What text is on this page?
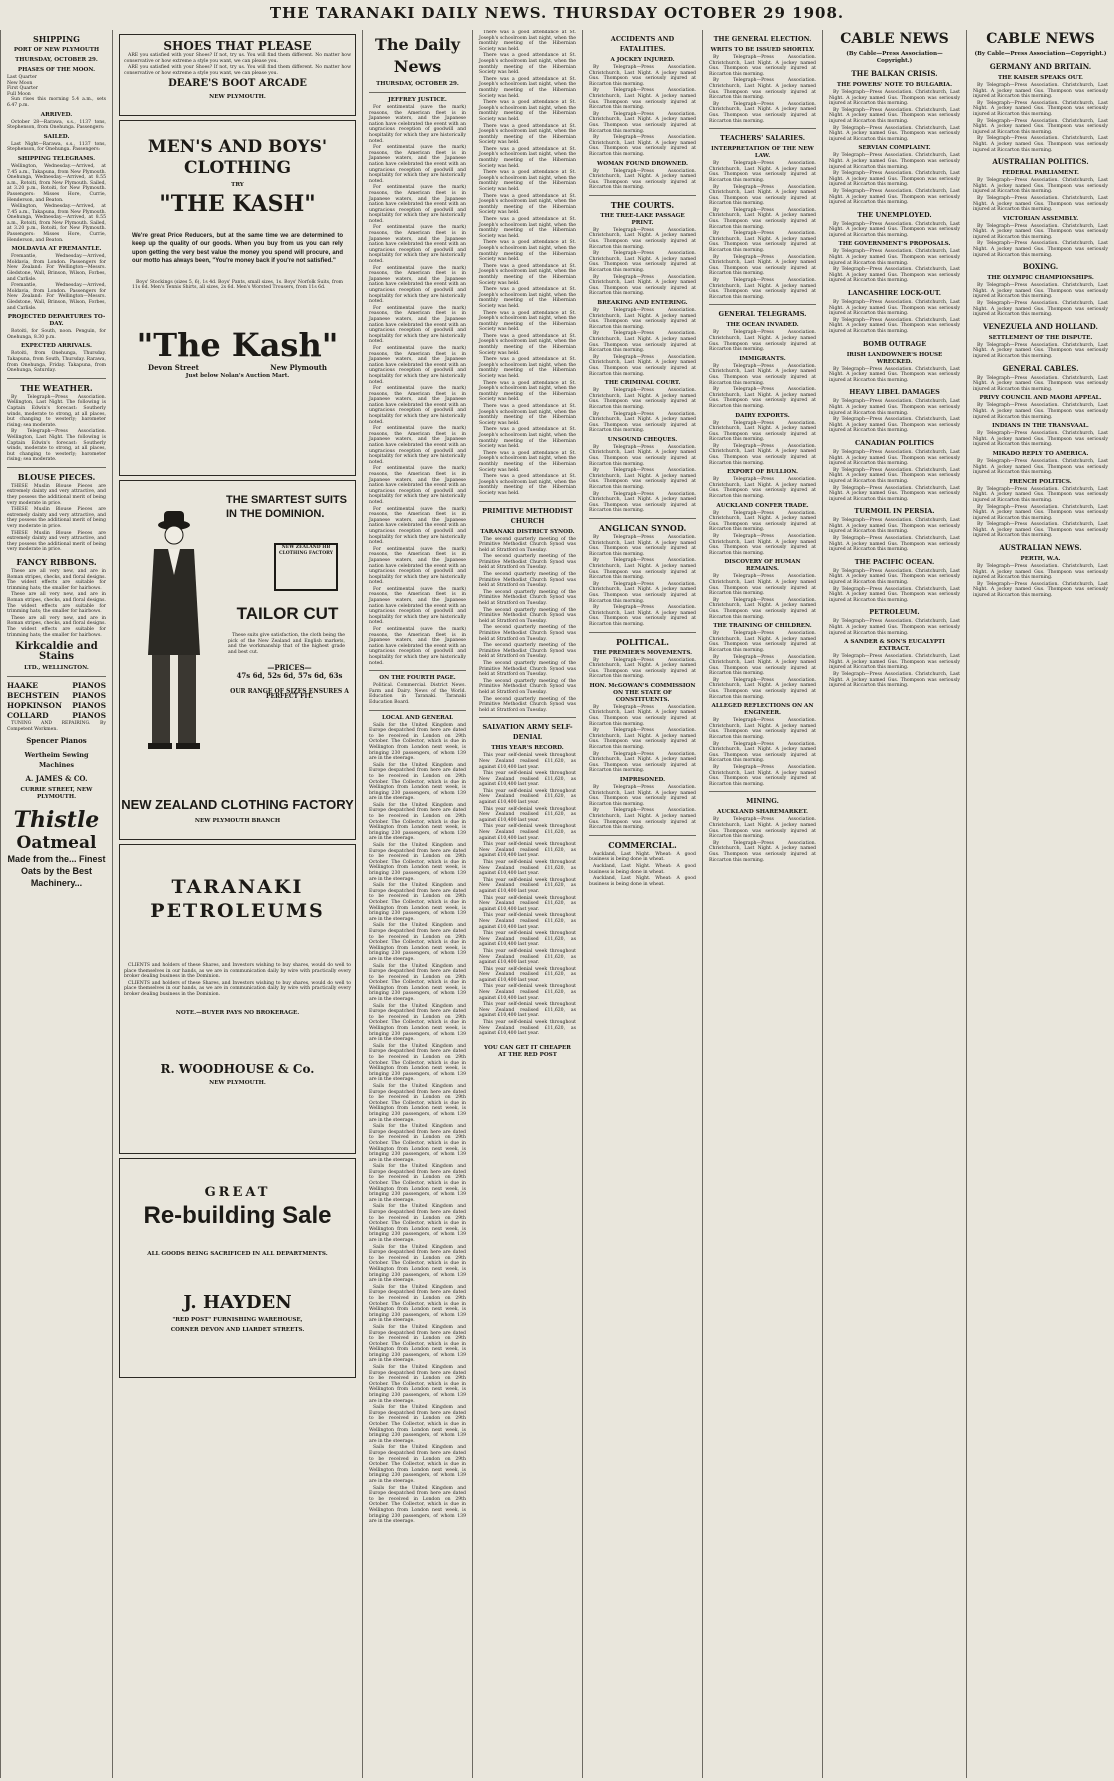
THE TARANAKI DAILY NEWS. THURSDAY OCTOBER 29 1908.
SHIPPING
PORT OF NEW PLYMOUTH
THURSDAY, OCTOBER 29.
PHASES OF THE MOON.
Last Quarter
New Moon
First Quarter
Full Moon
Sun rises this morning 5.4 a.m., sets 6.47 p.m.
ARRIVED.
October 28—Rarawa, s.s., 1137 tons, Stephenson, from Onehunga. Passengers:
SAILED.
Last Night—Rarawa, s.s., 1137 tons, Stephenson, for Onehunga. Passengers:
SHIPPING TELEGRAMS.
Wellington, Wednesday.—Arrived, at 7.45 a.m., Takapuna, from New Plymouth. Onehunga, Wednesday.—Arrived, at 8.55 a.m., Rotoiti, from New Plymouth. Sailed, at 3.20 p.m., Rotoiti, for New Plymouth. Passengers: Misses Hore, Currie, Henderson, and Beaton.
Wellington, Wednesday.—Arrived, at 7.45 a.m., Takapuna, from New Plymouth. Onehunga, Wednesday.—Arrived, at 8.55 a.m., Rotoiti, from New Plymouth. Sailed, at 3.20 p.m., Rotoiti, for New Plymouth. Passengers: Misses Hore, Currie, Henderson, and Beaton.
MOLDAVIA AT FREMANTLE.
Fremantle, Wednesday.—Arrived, Moldavia, from London. Passengers for New Zealand: For Wellington—Messrs. Gledstone, Wall, Brinson, Wilson, Forbes, and Carlisle.
Fremantle, Wednesday.—Arrived, Moldavia, from London. Passengers for New Zealand: For Wellington—Messrs. Gledstone, Wall, Brinson, Wilson, Forbes, and Carlisle.
PROJECTED DEPARTURES TO-DAY.
Rotoiti, for South, noon. Penguin, for Onehunga, 8.30 p.m.
EXPECTED ARRIVALS.
Rotoiti, from Onehunga, Thursday. Takapuna, from South, Thursday. Rarawa, from Onehunga, Friday. Takapuna, from Onehunga, Saturday.
THE WEATHER.
By Telegraph—Press Association. Wellington, Last Night. The following is Captain Edwin's forecast: Southerly winds, moderate to strong, at all places, but changing to westerly; barometer rising; sea moderate.
By Telegraph—Press Association. Wellington, Last Night. The following is Captain Edwin's forecast: Southerly winds, moderate to strong, at all places, but changing to westerly; barometer rising; sea moderate.
BLOUSE PIECES.
THESE Muslin Blouse Pieces are extremely dainty and very attractive, and they possess the additional merit of being very moderate in price.
THESE Muslin Blouse Pieces are extremely dainty and very attractive, and they possess the additional merit of being very moderate in price.
THESE Muslin Blouse Pieces are extremely dainty and very attractive, and they possess the additional merit of being very moderate in price.
FANCY RIBBONS.
These are all very new, and are in Roman stripes, checks, and floral designs. The widest effects are suitable for trimming hats; the smaller for hairbows.
These are all very new, and are in Roman stripes, checks, and floral designs. The widest effects are suitable for trimming hats; the smaller for hairbows.
These are all very new, and are in Roman stripes, checks, and floral designs. The widest effects are suitable for trimming hats; the smaller for hairbows.
Kirkcaldie and Stains
LTD., WELLINGTON.
HAAKE	PIANOS
BECHSTEIN PIANOS
HOPKINSON PIANOS
COLLARD	PIANOS
TUNING AND REPAIRING. By Competent Workmen.
Spencer Pianos
Wertheim Sewing Machines
A. JAMES & CO.
CURRIE STREET, NEW PLYMOUTH.
Thistle
Oatmeal
Made from the... Finest Oats by the Best Machinery...
SHOES THAT PLEASE
ARE you satisfied with your Shoes? If not, try us. You will find them different. No matter how conservative or how extreme a style you want, we can please you.
ARE you satisfied with your Shoes? If not, try us. You will find them different. No matter how conservative or how extreme a style you want, we can please you.
DEARE'S BOOT ARCADE
NEW PLYMOUTH.
MEN'S AND BOYS' CLOTHING
TRY
"THE KASH"
We're great Price Reducers, but at the same time we are determined to keep up the quality of our goods. When you buy from us you can rely upon getting the very best value the money you spend will procure, and our motto has always been, "You're money back if you're not satisfied."
Boys' Stockings (sizes 5, 6), 1s 4d. Boys' Pants, small sizes, 1s. Boys' Norfolk Suits, from 11s 6d. Men's Tennis Shirts, all sizes, 2s 6d. Men's Worsted Trousers, from 11s 6d.
"The Kash"
Devon Street	New Plymouth
Just below Nolan's Auction Mart.
THE SMARTEST SUITS IN THE DOMINION.
NEW ZEALAND HB CLOTHING FACTORY
TAILOR CUT
These suits give satisfaction, the cloth being the pick of the New Zealand and English markets, and the workmanship that of the highest grade and best cut.
—PRICES—
47s 6d, 52s 6d, 57s 6d, 63s
OUR RANGE OF SIZES ENSURES A PERFECT FIT.
NEW ZEALAND CLOTHING FACTORY
NEW PLYMOUTH BRANCH
TARANAKI PETROLEUMS
CLIENTS and holders of these Shares, and Investors wishing to buy shares, would do well to place themselves in our hands, as we are in communication daily by wire with practically every broker dealing business in the Dominion.
CLIENTS and holders of these Shares, and Investors wishing to buy shares, would do well to place themselves in our hands, as we are in communication daily by wire with practically every broker dealing business in the Dominion.
NOTE.—BUYER PAYS NO BROKERAGE.
R. WOODHOUSE & Co.
NEW PLYMOUTH.
GREAT
Re-building Sale
ALL GOODS BEING SACRIFICED IN ALL DEPARTMENTS.
J. HAYDEN
"RED POST" FURNISHING WAREHOUSE,
CORNER DEVON AND LIARDET STREETS.
The Daily News
THURSDAY, OCTOBER 29.
JEFFREY JUSTICE.
For sentimental (save the mark) reasons, the American fleet is in Japanese waters, and the Japanese nation have celebrated the event with an ungracious reception of goodwill and hospitality for which they are historically noted.
For sentimental (save the mark) reasons, the American fleet is in Japanese waters, and the Japanese nation have celebrated the event with an ungracious reception of goodwill and hospitality for which they are historically noted.
For sentimental (save the mark) reasons, the American fleet is in Japanese waters, and the Japanese nation have celebrated the event with an ungracious reception of goodwill and hospitality for which they are historically noted.
For sentimental (save the mark) reasons, the American fleet is in Japanese waters, and the Japanese nation have celebrated the event with an ungracious reception of goodwill and hospitality for which they are historically noted.
For sentimental (save the mark) reasons, the American fleet is in Japanese waters, and the Japanese nation have celebrated the event with an ungracious reception of goodwill and hospitality for which they are historically noted.
For sentimental (save the mark) reasons, the American fleet is in Japanese waters, and the Japanese nation have celebrated the event with an ungracious reception of goodwill and hospitality for which they are historically noted.
For sentimental (save the mark) reasons, the American fleet is in Japanese waters, and the Japanese nation have celebrated the event with an ungracious reception of goodwill and hospitality for which they are historically noted.
For sentimental (save the mark) reasons, the American fleet is in Japanese waters, and the Japanese nation have celebrated the event with an ungracious reception of goodwill and hospitality for which they are historically noted.
For sentimental (save the mark) reasons, the American fleet is in Japanese waters, and the Japanese nation have celebrated the event with an ungracious reception of goodwill and hospitality for which they are historically noted.
For sentimental (save the mark) reasons, the American fleet is in Japanese waters, and the Japanese nation have celebrated the event with an ungracious reception of goodwill and hospitality for which they are historically noted.
For sentimental (save the mark) reasons, the American fleet is in Japanese waters, and the Japanese nation have celebrated the event with an ungracious reception of goodwill and hospitality for which they are historically noted.
For sentimental (save the mark) reasons, the American fleet is in Japanese waters, and the Japanese nation have celebrated the event with an ungracious reception of goodwill and hospitality for which they are historically noted.
For sentimental (save the mark) reasons, the American fleet is in Japanese waters, and the Japanese nation have celebrated the event with an ungracious reception of goodwill and hospitality for which they are historically noted.
For sentimental (save the mark) reasons, the American fleet is in Japanese waters, and the Japanese nation have celebrated the event with an ungracious reception of goodwill and hospitality for which they are historically noted.
ON THE FOURTH PAGE.
Political. Commercial. District News. Farm and Dairy. News of the World. Education in Taranaki. Taranaki Education Board.
LOCAL AND GENERAL
Sails for the United Kingdom and Europe despatched from here are dated to be received in London on 29th October. The Collector, which is due in Wellington from London next week, is bringing 230 passengers, of whom 139 are in the steerage.
Sails for the United Kingdom and Europe despatched from here are dated to be received in London on 29th October. The Collector, which is due in Wellington from London next week, is bringing 230 passengers, of whom 139 are in the steerage.
Sails for the United Kingdom and Europe despatched from here are dated to be received in London on 29th October. The Collector, which is due in Wellington from London next week, is bringing 230 passengers, of whom 139 are in the steerage.
Sails for the United Kingdom and Europe despatched from here are dated to be received in London on 29th October. The Collector, which is due in Wellington from London next week, is bringing 230 passengers, of whom 139 are in the steerage.
Sails for the United Kingdom and Europe despatched from here are dated to be received in London on 29th October. The Collector, which is due in Wellington from London next week, is bringing 230 passengers, of whom 139 are in the steerage.
Sails for the United Kingdom and Europe despatched from here are dated to be received in London on 29th October. The Collector, which is due in Wellington from London next week, is bringing 230 passengers, of whom 139 are in the steerage.
Sails for the United Kingdom and Europe despatched from here are dated to be received in London on 29th October. The Collector, which is due in Wellington from London next week, is bringing 230 passengers, of whom 139 are in the steerage.
Sails for the United Kingdom and Europe despatched from here are dated to be received in London on 29th October. The Collector, which is due in Wellington from London next week, is bringing 230 passengers, of whom 139 are in the steerage.
Sails for the United Kingdom and Europe despatched from here are dated to be received in London on 29th October. The Collector, which is due in Wellington from London next week, is bringing 230 passengers, of whom 139 are in the steerage.
Sails for the United Kingdom and Europe despatched from here are dated to be received in London on 29th October. The Collector, which is due in Wellington from London next week, is bringing 230 passengers, of whom 139 are in the steerage.
Sails for the United Kingdom and Europe despatched from here are dated to be received in London on 29th October. The Collector, which is due in Wellington from London next week, is bringing 230 passengers, of whom 139 are in the steerage.
Sails for the United Kingdom and Europe despatched from here are dated to be received in London on 29th October. The Collector, which is due in Wellington from London next week, is bringing 230 passengers, of whom 139 are in the steerage.
Sails for the United Kingdom and Europe despatched from here are dated to be received in London on 29th October. The Collector, which is due in Wellington from London next week, is bringing 230 passengers, of whom 139 are in the steerage.
Sails for the United Kingdom and Europe despatched from here are dated to be received in London on 29th October. The Collector, which is due in Wellington from London next week, is bringing 230 passengers, of whom 139 are in the steerage.
Sails for the United Kingdom and Europe despatched from here are dated to be received in London on 29th October. The Collector, which is due in Wellington from London next week, is bringing 230 passengers, of whom 139 are in the steerage.
Sails for the United Kingdom and Europe despatched from here are dated to be received in London on 29th October. The Collector, which is due in Wellington from London next week, is bringing 230 passengers, of whom 139 are in the steerage.
Sails for the United Kingdom and Europe despatched from here are dated to be received in London on 29th October. The Collector, which is due in Wellington from London next week, is bringing 230 passengers, of whom 139 are in the steerage.
Sails for the United Kingdom and Europe despatched from here are dated to be received in London on 29th October. The Collector, which is due in Wellington from London next week, is bringing 230 passengers, of whom 139 are in the steerage.
Sails for the United Kingdom and Europe despatched from here are dated to be received in London on 29th October. The Collector, which is due in Wellington from London next week, is bringing 230 passengers, of whom 139 are in the steerage.
Sails for the United Kingdom and Europe despatched from here are dated to be received in London on 29th October. The Collector, which is due in Wellington from London next week, is bringing 230 passengers, of whom 139 are in the steerage.
There was a good attendance at St. Joseph's schoolroom last night, when the monthly meeting of the Hibernian Society was held.
There was a good attendance at St. Joseph's schoolroom last night, when the monthly meeting of the Hibernian Society was held.
There was a good attendance at St. Joseph's schoolroom last night, when the monthly meeting of the Hibernian Society was held.
There was a good attendance at St. Joseph's schoolroom last night, when the monthly meeting of the Hibernian Society was held.
There was a good attendance at St. Joseph's schoolroom last night, when the monthly meeting of the Hibernian Society was held.
There was a good attendance at St. Joseph's schoolroom last night, when the monthly meeting of the Hibernian Society was held.
There was a good attendance at St. Joseph's schoolroom last night, when the monthly meeting of the Hibernian Society was held.
There was a good attendance at St. Joseph's schoolroom last night, when the monthly meeting of the Hibernian Society was held.
There was a good attendance at St. Joseph's schoolroom last night, when the monthly meeting of the Hibernian Society was held.
There was a good attendance at St. Joseph's schoolroom last night, when the monthly meeting of the Hibernian Society was held.
There was a good attendance at St. Joseph's schoolroom last night, when the monthly meeting of the Hibernian Society was held.
There was a good attendance at St. Joseph's schoolroom last night, when the monthly meeting of the Hibernian Society was held.
There was a good attendance at St. Joseph's schoolroom last night, when the monthly meeting of the Hibernian Society was held.
There was a good attendance at St. Joseph's schoolroom last night, when the monthly meeting of the Hibernian Society was held.
There was a good attendance at St. Joseph's schoolroom last night, when the monthly meeting of the Hibernian Society was held.
There was a good attendance at St. Joseph's schoolroom last night, when the monthly meeting of the Hibernian Society was held.
There was a good attendance at St. Joseph's schoolroom last night, when the monthly meeting of the Hibernian Society was held.
There was a good attendance at St. Joseph's schoolroom last night, when the monthly meeting of the Hibernian Society was held.
There was a good attendance at St. Joseph's schoolroom last night, when the monthly meeting of the Hibernian Society was held.
There was a good attendance at St. Joseph's schoolroom last night, when the monthly meeting of the Hibernian Society was held.
PRIMITIVE METHODIST CHURCH
TARANAKI DISTRICT SYNOD.
The second quarterly meeting of the Primitive Methodist Church Synod was held at Stratford on Tuesday.
The second quarterly meeting of the Primitive Methodist Church Synod was held at Stratford on Tuesday.
The second quarterly meeting of the Primitive Methodist Church Synod was held at Stratford on Tuesday.
The second quarterly meeting of the Primitive Methodist Church Synod was held at Stratford on Tuesday.
The second quarterly meeting of the Primitive Methodist Church Synod was held at Stratford on Tuesday.
The second quarterly meeting of the Primitive Methodist Church Synod was held at Stratford on Tuesday.
The second quarterly meeting of the Primitive Methodist Church Synod was held at Stratford on Tuesday.
The second quarterly meeting of the Primitive Methodist Church Synod was held at Stratford on Tuesday.
The second quarterly meeting of the Primitive Methodist Church Synod was held at Stratford on Tuesday.
The second quarterly meeting of the Primitive Methodist Church Synod was held at Stratford on Tuesday.
SALVATION ARMY SELF-DENIAL
THIS YEAR'S RECORD.
This year self-denial week throughout New Zealand realised £11,620, as against £10,400 last year.
This year self-denial week throughout New Zealand realised £11,620, as against £10,400 last year.
This year self-denial week throughout New Zealand realised £11,620, as against £10,400 last year.
This year self-denial week throughout New Zealand realised £11,620, as against £10,400 last year.
This year self-denial week throughout New Zealand realised £11,620, as against £10,400 last year.
This year self-denial week throughout New Zealand realised £11,620, as against £10,400 last year.
This year self-denial week throughout New Zealand realised £11,620, as against £10,400 last year.
This year self-denial week throughout New Zealand realised £11,620, as against £10,400 last year.
This year self-denial week throughout New Zealand realised £11,620, as against £10,400 last year.
This year self-denial week throughout New Zealand realised £11,620, as against £10,400 last year.
This year self-denial week throughout New Zealand realised £11,620, as against £10,400 last year.
This year self-denial week throughout New Zealand realised £11,620, as against £10,400 last year.
This year self-denial week throughout New Zealand realised £11,620, as against £10,400 last year.
This year self-denial week throughout New Zealand realised £11,620, as against £10,400 last year.
This year self-denial week throughout New Zealand realised £11,620, as against £10,400 last year.
This year self-denial week throughout New Zealand realised £11,620, as against £10,400 last year.
YOU CAN GET IT CHEAPER AT THE RED POST
ACCIDENTS AND FATALITIES.
A JOCKEY INJURED.
By Telegraph—Press Association. Christchurch, Last Night. A jockey named Gus. Thompson was seriously injured at Riccarton this morning.
By Telegraph—Press Association. Christchurch, Last Night. A jockey named Gus. Thompson was seriously injured at Riccarton this morning.
By Telegraph—Press Association. Christchurch, Last Night. A jockey named Gus. Thompson was seriously injured at Riccarton this morning.
By Telegraph—Press Association. Christchurch, Last Night. A jockey named Gus. Thompson was seriously injured at Riccarton this morning.
WOMAN FOUND DROWNED.
By Telegraph—Press Association. Christchurch, Last Night. A jockey named Gus. Thompson was seriously injured at Riccarton this morning.
THE COURTS.
THE TREE-LAKE PASSAGE PRINT.
By Telegraph—Press Association. Christchurch, Last Night. A jockey named Gus. Thompson was seriously injured at Riccarton this morning.
By Telegraph—Press Association. Christchurch, Last Night. A jockey named Gus. Thompson was seriously injured at Riccarton this morning.
By Telegraph—Press Association. Christchurch, Last Night. A jockey named Gus. Thompson was seriously injured at Riccarton this morning.
BREAKING AND ENTERING.
By Telegraph—Press Association. Christchurch, Last Night. A jockey named Gus. Thompson was seriously injured at Riccarton this morning.
By Telegraph—Press Association. Christchurch, Last Night. A jockey named Gus. Thompson was seriously injured at Riccarton this morning.
By Telegraph—Press Association. Christchurch, Last Night. A jockey named Gus. Thompson was seriously injured at Riccarton this morning.
THE CRIMINAL COURT.
By Telegraph—Press Association. Christchurch, Last Night. A jockey named Gus. Thompson was seriously injured at Riccarton this morning.
By Telegraph—Press Association. Christchurch, Last Night. A jockey named Gus. Thompson was seriously injured at Riccarton this morning.
UNSOUND CHEQUES.
By Telegraph—Press Association. Christchurch, Last Night. A jockey named Gus. Thompson was seriously injured at Riccarton this morning.
By Telegraph—Press Association. Christchurch, Last Night. A jockey named Gus. Thompson was seriously injured at Riccarton this morning.
By Telegraph—Press Association. Christchurch, Last Night. A jockey named Gus. Thompson was seriously injured at Riccarton this morning.
ANGLICAN SYNOD.
By Telegraph—Press Association. Christchurch, Last Night. A jockey named Gus. Thompson was seriously injured at Riccarton this morning.
By Telegraph—Press Association. Christchurch, Last Night. A jockey named Gus. Thompson was seriously injured at Riccarton this morning.
By Telegraph—Press Association. Christchurch, Last Night. A jockey named Gus. Thompson was seriously injured at Riccarton this morning.
By Telegraph—Press Association. Christchurch, Last Night. A jockey named Gus. Thompson was seriously injured at Riccarton this morning.
POLITICAL.
THE PREMIER'S MOVEMENTS.
By Telegraph—Press Association. Christchurch, Last Night. A jockey named Gus. Thompson was seriously injured at Riccarton this morning.
HON. McGOWAN'S COMMISSION ON THE STATE OF CONSTITUENTS.
By Telegraph—Press Association. Christchurch, Last Night. A jockey named Gus. Thompson was seriously injured at Riccarton this morning.
By Telegraph—Press Association. Christchurch, Last Night. A jockey named Gus. Thompson was seriously injured at Riccarton this morning.
By Telegraph—Press Association. Christchurch, Last Night. A jockey named Gus. Thompson was seriously injured at Riccarton this morning.
IMPRISONED.
By Telegraph—Press Association. Christchurch, Last Night. A jockey named Gus. Thompson was seriously injured at Riccarton this morning.
By Telegraph—Press Association. Christchurch, Last Night. A jockey named Gus. Thompson was seriously injured at Riccarton this morning.
COMMERCIAL.
Auckland, Last Night. Wheat: A good business is being done in wheat.
Auckland, Last Night. Wheat: A good business is being done in wheat.
Auckland, Last Night. Wheat: A good business is being done in wheat.
THE GENERAL ELECTION.
WRITS TO BE ISSUED SHORTLY.
By Telegraph—Press Association. Christchurch, Last Night. A jockey named Gus. Thompson was seriously injured at Riccarton this morning.
By Telegraph—Press Association. Christchurch, Last Night. A jockey named Gus. Thompson was seriously injured at Riccarton this morning.
By Telegraph—Press Association. Christchurch, Last Night. A jockey named Gus. Thompson was seriously injured at Riccarton this morning.
TEACHERS' SALARIES.
INTERPRETATION OF THE NEW LAW.
By Telegraph—Press Association. Christchurch, Last Night. A jockey named Gus. Thompson was seriously injured at Riccarton this morning.
By Telegraph—Press Association. Christchurch, Last Night. A jockey named Gus. Thompson was seriously injured at Riccarton this morning.
By Telegraph—Press Association. Christchurch, Last Night. A jockey named Gus. Thompson was seriously injured at Riccarton this morning.
By Telegraph—Press Association. Christchurch, Last Night. A jockey named Gus. Thompson was seriously injured at Riccarton this morning.
By Telegraph—Press Association. Christchurch, Last Night. A jockey named Gus. Thompson was seriously injured at Riccarton this morning.
By Telegraph—Press Association. Christchurch, Last Night. A jockey named Gus. Thompson was seriously injured at Riccarton this morning.
GENERAL TELEGRAMS.
THE OCEAN INVADED.
By Telegraph—Press Association. Christchurch, Last Night. A jockey named Gus. Thompson was seriously injured at Riccarton this morning.
IMMIGRANTS.
By Telegraph—Press Association. Christchurch, Last Night. A jockey named Gus. Thompson was seriously injured at Riccarton this morning.
By Telegraph—Press Association. Christchurch, Last Night. A jockey named Gus. Thompson was seriously injured at Riccarton this morning.
DAIRY EXPORTS.
By Telegraph—Press Association. Christchurch, Last Night. A jockey named Gus. Thompson was seriously injured at Riccarton this morning.
By Telegraph—Press Association. Christchurch, Last Night. A jockey named Gus. Thompson was seriously injured at Riccarton this morning.
EXPORT OF BULLION.
By Telegraph—Press Association. Christchurch, Last Night. A jockey named Gus. Thompson was seriously injured at Riccarton this morning.
AUCKLAND CONFER TRADE.
By Telegraph—Press Association. Christchurch, Last Night. A jockey named Gus. Thompson was seriously injured at Riccarton this morning.
By Telegraph—Press Association. Christchurch, Last Night. A jockey named Gus. Thompson was seriously injured at Riccarton this morning.
DISCOVERY OF HUMAN REMAINS.
By Telegraph—Press Association. Christchurch, Last Night. A jockey named Gus. Thompson was seriously injured at Riccarton this morning.
By Telegraph—Press Association. Christchurch, Last Night. A jockey named Gus. Thompson was seriously injured at Riccarton this morning.
THE TRAINING OF CHILDREN.
By Telegraph—Press Association. Christchurch, Last Night. A jockey named Gus. Thompson was seriously injured at Riccarton this morning.
By Telegraph—Press Association. Christchurch, Last Night. A jockey named Gus. Thompson was seriously injured at Riccarton this morning.
By Telegraph—Press Association. Christchurch, Last Night. A jockey named Gus. Thompson was seriously injured at Riccarton this morning.
ALLEGED REFLECTIONS ON AN ENGINEER.
By Telegraph—Press Association. Christchurch, Last Night. A jockey named Gus. Thompson was seriously injured at Riccarton this morning.
By Telegraph—Press Association. Christchurch, Last Night. A jockey named Gus. Thompson was seriously injured at Riccarton this morning.
By Telegraph—Press Association. Christchurch, Last Night. A jockey named Gus. Thompson was seriously injured at Riccarton this morning.
MINING.
AUCKLAND SHAREMARKET.
By Telegraph—Press Association. Christchurch, Last Night. A jockey named Gus. Thompson was seriously injured at Riccarton this morning.
By Telegraph—Press Association. Christchurch, Last Night. A jockey named Gus. Thompson was seriously injured at Riccarton this morning.
CABLE NEWS
(By Cable—Press Association—Copyright.)
THE BALKAN CRISIS.
THE POWERS' NOTE TO BULGARIA.
By Telegraph—Press Association. Christchurch, Last Night. A jockey named Gus. Thompson was seriously injured at Riccarton this morning.
By Telegraph—Press Association. Christchurch, Last Night. A jockey named Gus. Thompson was seriously injured at Riccarton this morning.
By Telegraph—Press Association. Christchurch, Last Night. A jockey named Gus. Thompson was seriously injured at Riccarton this morning.
SERVIAN COMPLAINT.
By Telegraph—Press Association. Christchurch, Last Night. A jockey named Gus. Thompson was seriously injured at Riccarton this morning.
By Telegraph—Press Association. Christchurch, Last Night. A jockey named Gus. Thompson was seriously injured at Riccarton this morning.
By Telegraph—Press Association. Christchurch, Last Night. A jockey named Gus. Thompson was seriously injured at Riccarton this morning.
THE UNEMPLOYED.
By Telegraph—Press Association. Christchurch, Last Night. A jockey named Gus. Thompson was seriously injured at Riccarton this morning.
THE GOVERNMENT'S PROPOSALS.
By Telegraph—Press Association. Christchurch, Last Night. A jockey named Gus. Thompson was seriously injured at Riccarton this morning.
By Telegraph—Press Association. Christchurch, Last Night. A jockey named Gus. Thompson was seriously injured at Riccarton this morning.
LANCASHIRE LOCK-OUT.
By Telegraph—Press Association. Christchurch, Last Night. A jockey named Gus. Thompson was seriously injured at Riccarton this morning.
By Telegraph—Press Association. Christchurch, Last Night. A jockey named Gus. Thompson was seriously injured at Riccarton this morning.
BOMB OUTRAGE
IRISH LANDOWNER'S HOUSE WRECKED.
By Telegraph—Press Association. Christchurch, Last Night. A jockey named Gus. Thompson was seriously injured at Riccarton this morning.
HEAVY LIBEL DAMAGES
By Telegraph—Press Association. Christchurch, Last Night. A jockey named Gus. Thompson was seriously injured at Riccarton this morning.
By Telegraph—Press Association. Christchurch, Last Night. A jockey named Gus. Thompson was seriously injured at Riccarton this morning.
CANADIAN POLITICS
By Telegraph—Press Association. Christchurch, Last Night. A jockey named Gus. Thompson was seriously injured at Riccarton this morning.
By Telegraph—Press Association. Christchurch, Last Night. A jockey named Gus. Thompson was seriously injured at Riccarton this morning.
By Telegraph—Press Association. Christchurch, Last Night. A jockey named Gus. Thompson was seriously injured at Riccarton this morning.
TURMOIL IN PERSIA.
By Telegraph—Press Association. Christchurch, Last Night. A jockey named Gus. Thompson was seriously injured at Riccarton this morning.
By Telegraph—Press Association. Christchurch, Last Night. A jockey named Gus. Thompson was seriously injured at Riccarton this morning.
THE PACIFIC OCEAN.
By Telegraph—Press Association. Christchurch, Last Night. A jockey named Gus. Thompson was seriously injured at Riccarton this morning.
By Telegraph—Press Association. Christchurch, Last Night. A jockey named Gus. Thompson was seriously injured at Riccarton this morning.
PETROLEUM.
By Telegraph—Press Association. Christchurch, Last Night. A jockey named Gus. Thompson was seriously injured at Riccarton this morning.
A SANDER & SON'S EUCALYPTI EXTRACT.
By Telegraph—Press Association. Christchurch, Last Night. A jockey named Gus. Thompson was seriously injured at Riccarton this morning.
By Telegraph—Press Association. Christchurch, Last Night. A jockey named Gus. Thompson was seriously injured at Riccarton this morning.
CABLE NEWS
(By Cable—Press Association—Copyright.)
GERMANY AND BRITAIN.
THE KAISER SPEAKS OUT.
By Telegraph—Press Association. Christchurch, Last Night. A jockey named Gus. Thompson was seriously injured at Riccarton this morning.
By Telegraph—Press Association. Christchurch, Last Night. A jockey named Gus. Thompson was seriously injured at Riccarton this morning.
By Telegraph—Press Association. Christchurch, Last Night. A jockey named Gus. Thompson was seriously injured at Riccarton this morning.
By Telegraph—Press Association. Christchurch, Last Night. A jockey named Gus. Thompson was seriously injured at Riccarton this morning.
AUSTRALIAN POLITICS.
FEDERAL PARLIAMENT.
By Telegraph—Press Association. Christchurch, Last Night. A jockey named Gus. Thompson was seriously injured at Riccarton this morning.
By Telegraph—Press Association. Christchurch, Last Night. A jockey named Gus. Thompson was seriously injured at Riccarton this morning.
VICTORIAN ASSEMBLY.
By Telegraph—Press Association. Christchurch, Last Night. A jockey named Gus. Thompson was seriously injured at Riccarton this morning.
By Telegraph—Press Association. Christchurch, Last Night. A jockey named Gus. Thompson was seriously injured at Riccarton this morning.
BOXING.
THE OLYMPIC CHAMPIONSHIPS.
By Telegraph—Press Association. Christchurch, Last Night. A jockey named Gus. Thompson was seriously injured at Riccarton this morning.
By Telegraph—Press Association. Christchurch, Last Night. A jockey named Gus. Thompson was seriously injured at Riccarton this morning.
VENEZUELA AND HOLLAND.
SETTLEMENT OF THE DISPUTE.
By Telegraph—Press Association. Christchurch, Last Night. A jockey named Gus. Thompson was seriously injured at Riccarton this morning.
GENERAL CABLES.
By Telegraph—Press Association. Christchurch, Last Night. A jockey named Gus. Thompson was seriously injured at Riccarton this morning.
PRIVY COUNCIL AND MAORI APPEAL.
By Telegraph—Press Association. Christchurch, Last Night. A jockey named Gus. Thompson was seriously injured at Riccarton this morning.
INDIANS IN THE TRANSVAAL.
By Telegraph—Press Association. Christchurch, Last Night. A jockey named Gus. Thompson was seriously injured at Riccarton this morning.
MIKADO REPLY TO AMERICA.
By Telegraph—Press Association. Christchurch, Last Night. A jockey named Gus. Thompson was seriously injured at Riccarton this morning.
FRENCH POLITICS.
By Telegraph—Press Association. Christchurch, Last Night. A jockey named Gus. Thompson was seriously injured at Riccarton this morning.
By Telegraph—Press Association. Christchurch, Last Night. A jockey named Gus. Thompson was seriously injured at Riccarton this morning.
By Telegraph—Press Association. Christchurch, Last Night. A jockey named Gus. Thompson was seriously injured at Riccarton this morning.
AUSTRALIAN NEWS.
PERTH, W.A.
By Telegraph—Press Association. Christchurch, Last Night. A jockey named Gus. Thompson was seriously injured at Riccarton this morning.
By Telegraph—Press Association. Christchurch, Last Night. A jockey named Gus. Thompson was seriously injured at Riccarton this morning.
